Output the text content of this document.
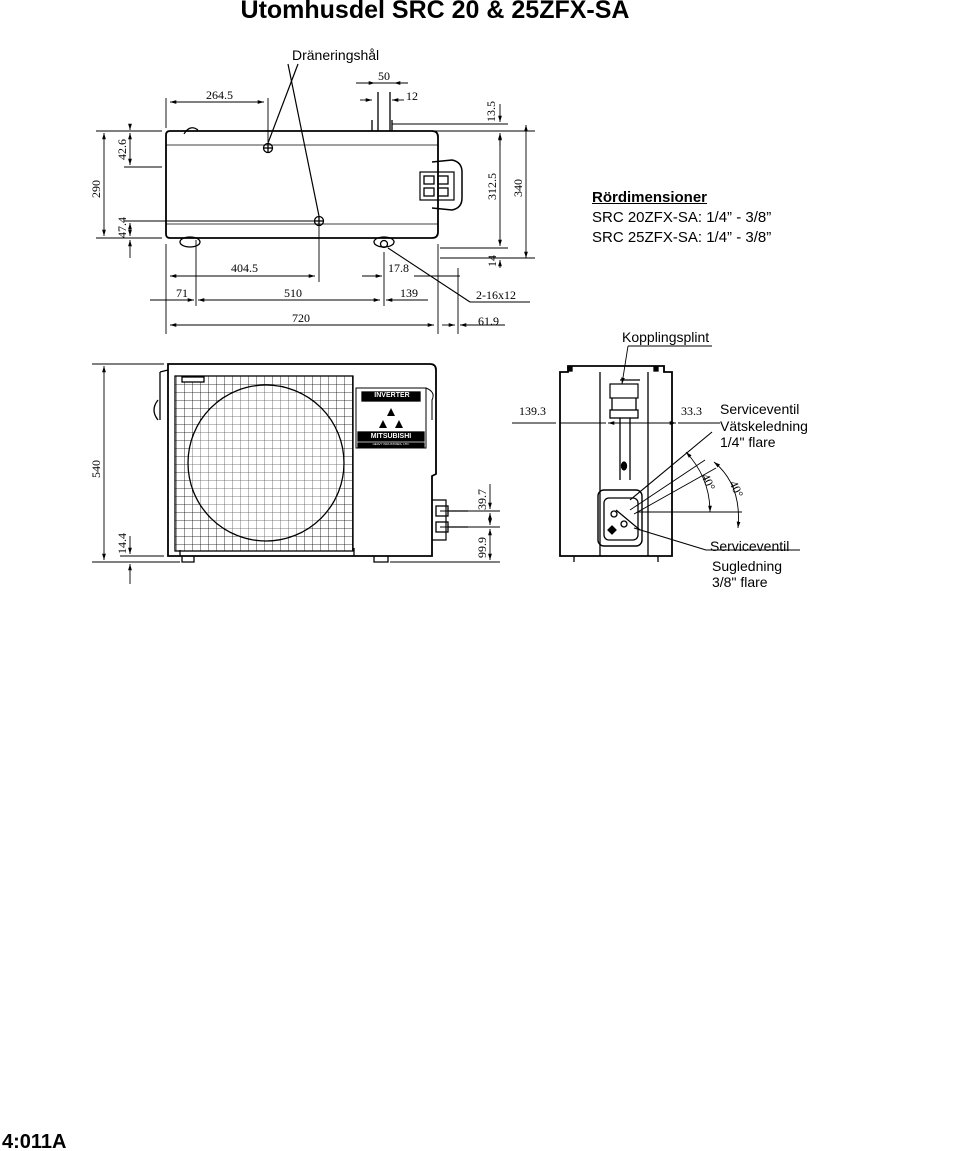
Utomhusdel SRC 20 & 25ZFX-SA
Dräneringshål
264.5
50
12
13.5
42.6
290
47.4
312.5 340
14
404.5	17.8
71	510	139	2-16x12
720	61.9
Rördimensioner
SRC 20ZFX-SA: 1/4” - 3/8”
SRC 25ZFX-SA: 1/4” - 3/8”
Kopplingsplint
540
14.4
39.7
99.9
139.3	33.3
40° 40°
Serviceventil
Vätskeledning
1/4" flare
Serviceventil
Sugledning
3/8" flare
INVERTER
MITSUBISHI
HEAVY INDUSTRIES, LTD.
4:011A
